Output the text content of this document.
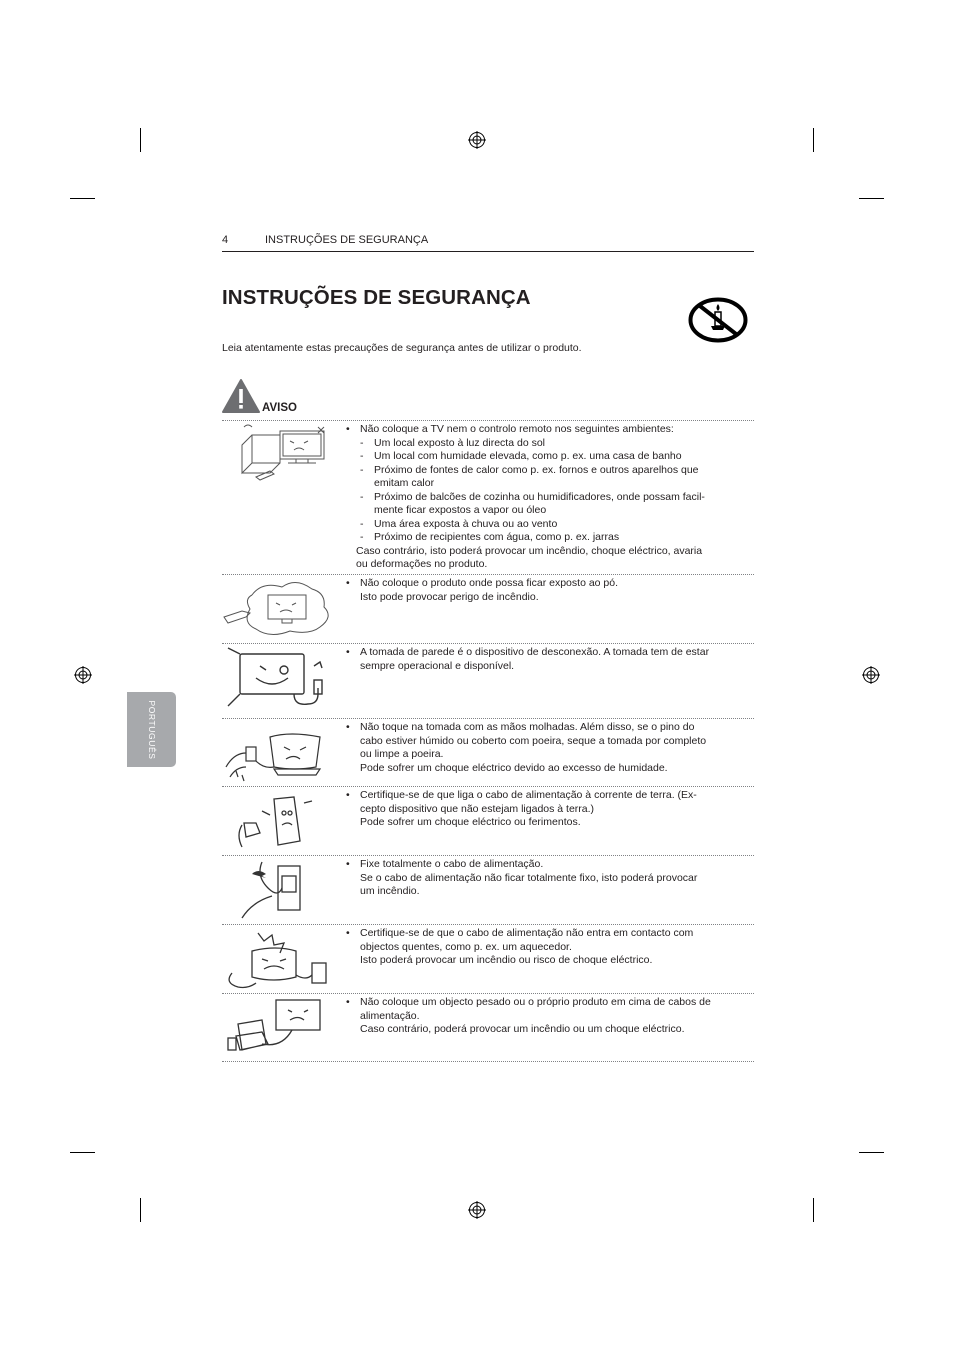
4	INSTRUÇÕES DE SEGURANÇA
INSTRUÇÕES DE SEGURANÇA
Leia atentamente estas precauções de segurança antes de utilizar o produto.
AVISO
PORTUGUÊS
• Não coloque a TV nem o controlo remoto nos seguintes ambientes:
- Um local exposto à luz directa do sol
- Um local com humidade elevada, como p. ex. uma casa de banho
- Próximo de fontes de calor como p. ex. fornos e outros aparelhos que
emitam calor
- Próximo de balcões de cozinha ou humidificadores, onde possam facil-
mente ficar expostos a vapor ou óleo
- Uma área exposta à chuva ou ao vento
- Próximo de recipientes com água, como p. ex. jarras
Caso contrário, isto poderá provocar um incêndio, choque eléctrico, avaria
ou deformações no produto.
• Não coloque o produto onde possa ficar exposto ao pó.
Isto pode provocar perigo de incêndio.
• A tomada de parede é o dispositivo de desconexão. A tomada tem de estar
sempre operacional e disponível.
• Não toque na tomada com as mãos molhadas. Além disso, se o pino do
cabo estiver húmido ou coberto com poeira, seque a tomada por completo
ou limpe a poeira.
Pode sofrer um choque eléctrico devido ao excesso de humidade.
• Certifique-se de que liga o cabo de alimentação à corrente de terra. (Ex-
cepto dispositivo que não estejam ligados à terra.)
Pode sofrer um choque eléctrico ou ferimentos.
• Fixe totalmente o cabo de alimentação.
Se o cabo de alimentação não ficar totalmente fixo, isto poderá provocar
um incêndio.
• Certifique-se de que o cabo de alimentação não entra em contacto com
objectos quentes, como p. ex. um aquecedor.
Isto poderá provocar um incêndio ou risco de choque eléctrico.
• Não coloque um objecto pesado ou o próprio produto em cima de cabos de
alimentação.
Caso contrário, poderá provocar um incêndio ou um choque eléctrico.
